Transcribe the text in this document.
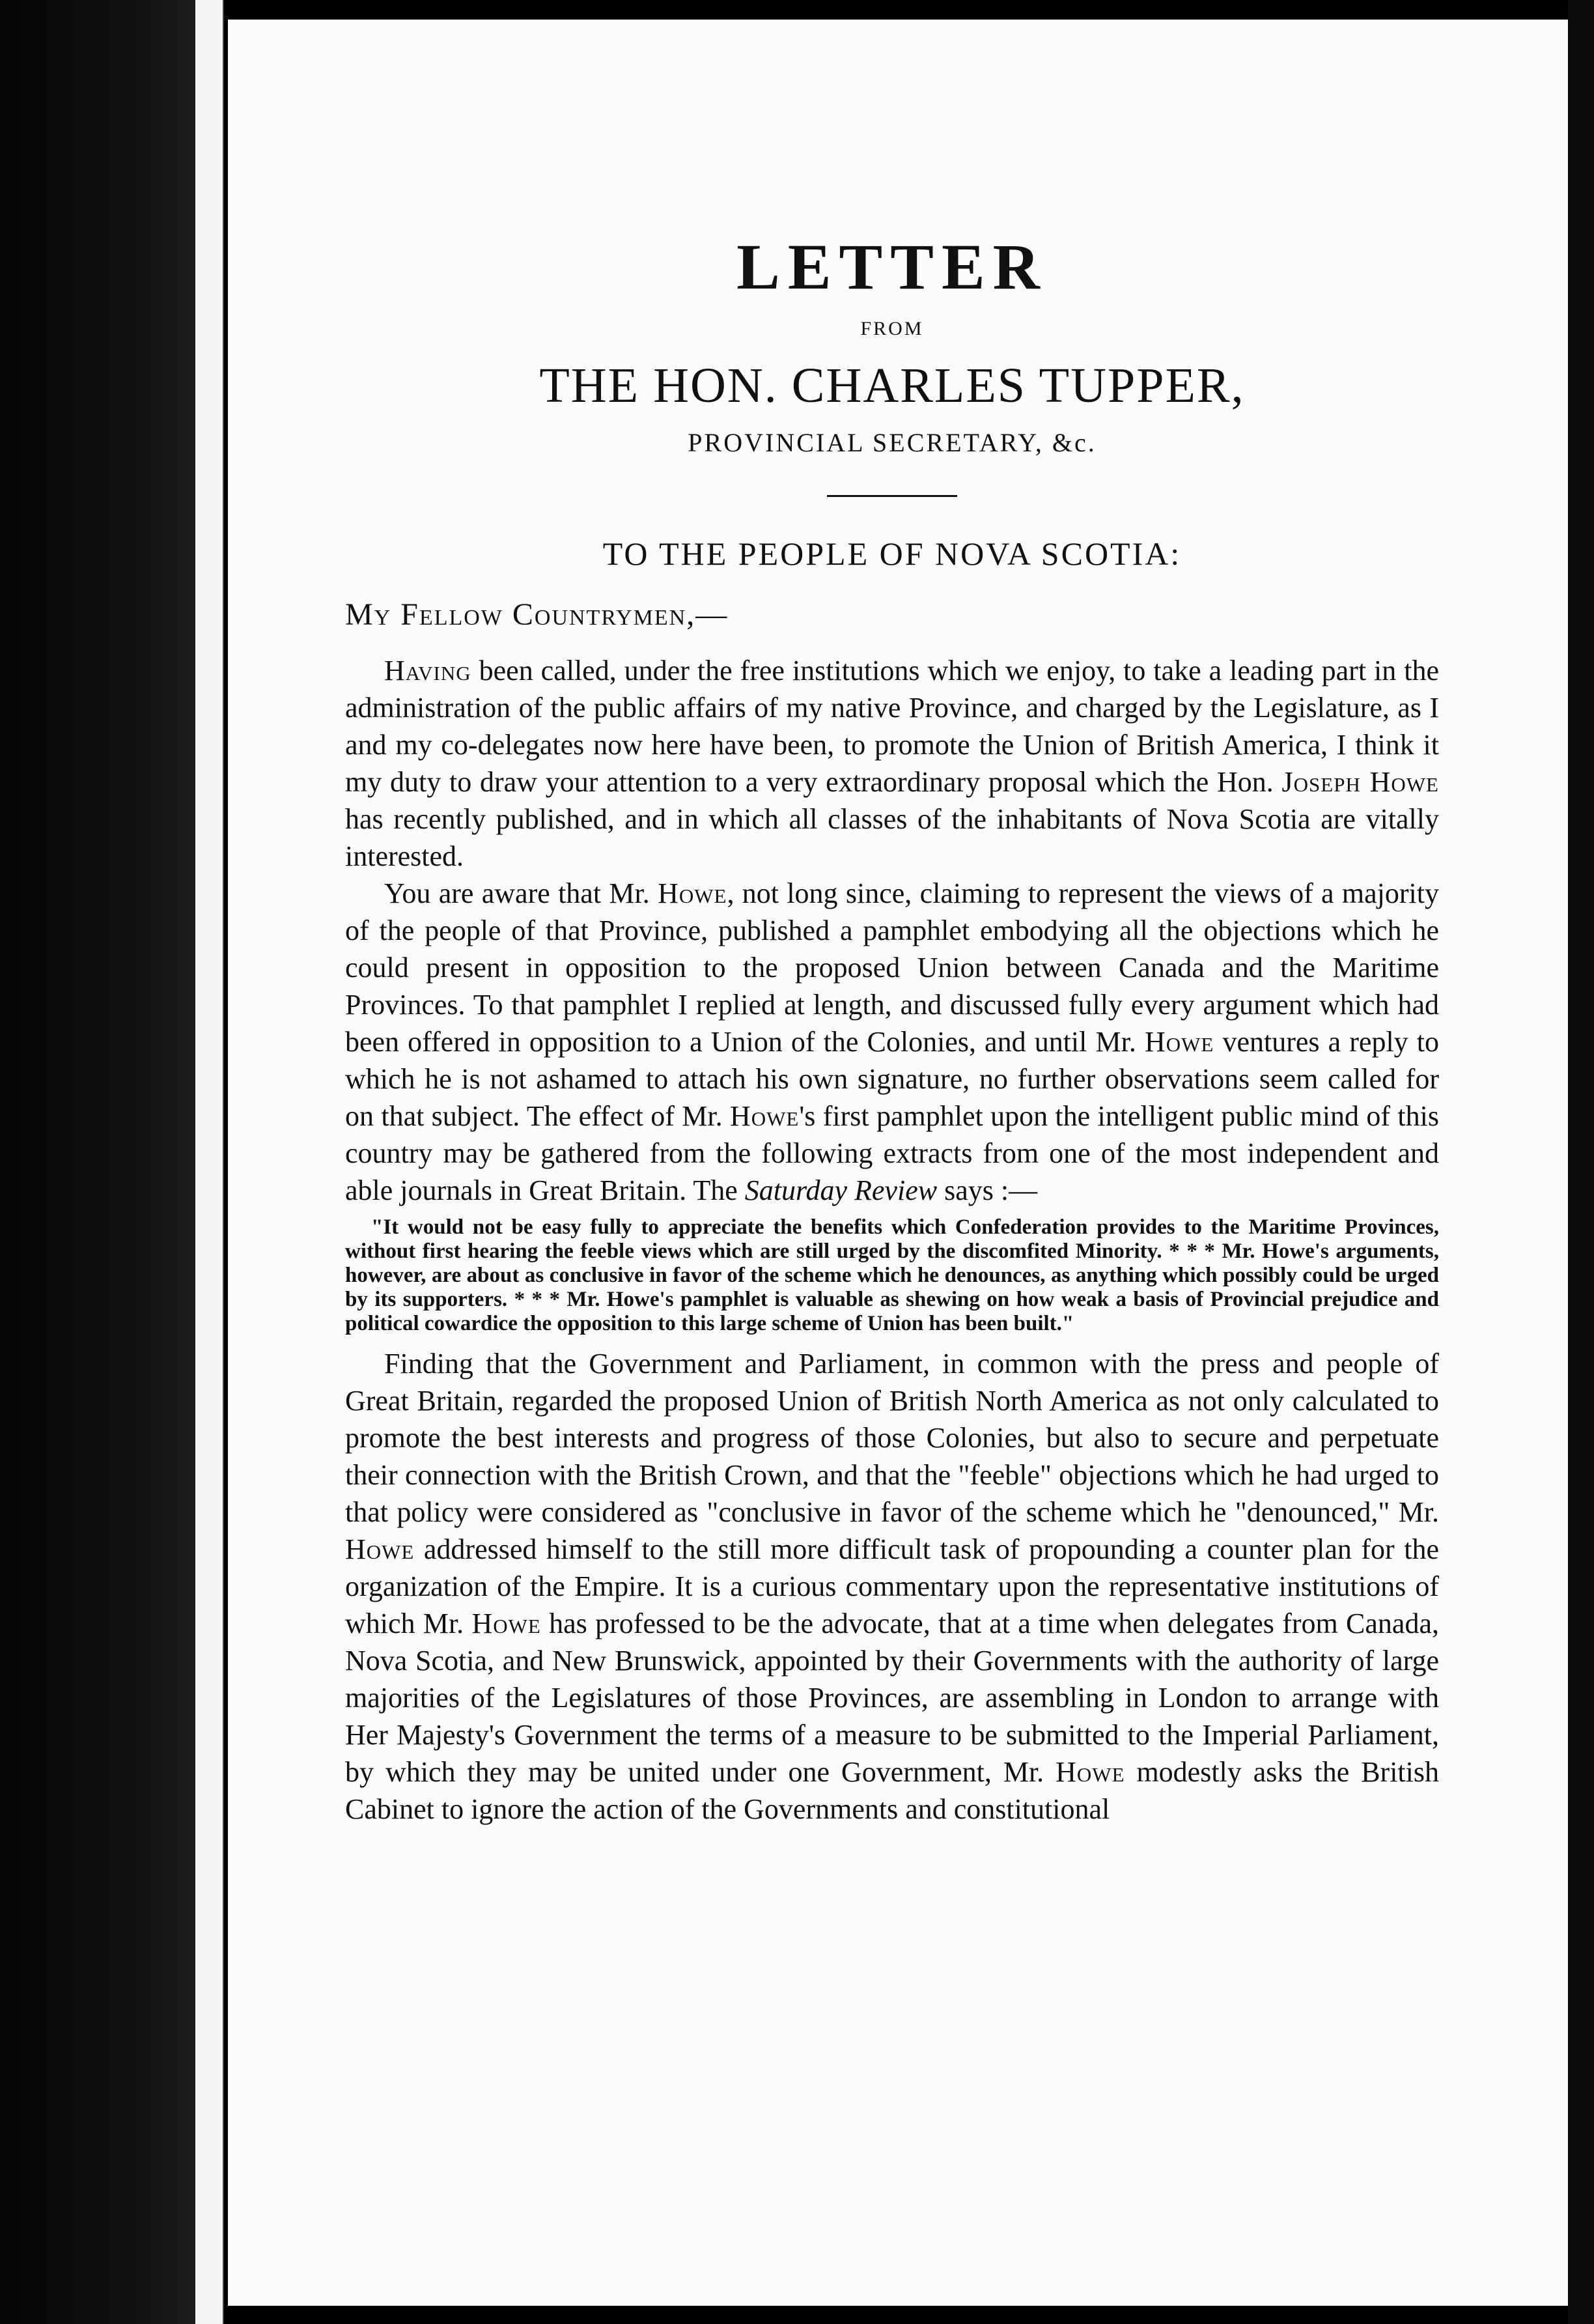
LETTER
FROM
THE HON. CHARLES TUPPER,
PROVINCIAL SECRETARY, &c.
TO THE PEOPLE OF NOVA SCOTIA:
My Fellow Countrymen,—

Having been called, under the free institutions which we enjoy, to take a leading part in the administration of the public affairs of my native Province, and charged by the Legislature, as I and my co-delegates now here have been, to promote the Union of British America, I think it my duty to draw your attention to a very extraordinary proposal which the Hon. Joseph Howe has recently published, and in which all classes of the inhabitants of Nova Scotia are vitally interested.

You are aware that Mr. Howe, not long since, claiming to represent the views of a majority of the people of that Province, published a pamphlet embodying all the objections which he could present in opposition to the proposed Union between Canada and the Maritime Provinces. To that pamphlet I replied at length, and discussed fully every argument which had been offered in opposition to a Union of the Colonies, and until Mr. Howe ventures a reply to which he is not ashamed to attach his own signature, no further observations seem called for on that subject. The effect of Mr. Howe's first pamphlet upon the intelligent public mind of this country may be gathered from the following extracts from one of the most independent and able journals in Great Britain. The Saturday Review says :—

"It would not be easy fully to appreciate the benefits which Confederation provides to the Maritime Provinces, without first hearing the feeble views which are still urged by the discomfited Minority. * * * Mr. Howe's arguments, however, are about as conclusive in favor of the scheme which he denounces, as anything which possibly could be urged by its supporters. * * * Mr. Howe's pamphlet is valuable as shewing on how weak a basis of Provincial prejudice and political cowardice the opposition to this large scheme of Union has been built."

Finding that the Government and Parliament, in common with the press and people of Great Britain, regarded the proposed Union of British North America as not only calculated to promote the best interests and progress of those Colonies, but also to secure and perpetuate their connection with the British Crown, and that the "feeble" objections which he had urged to that policy were considered as "conclusive in favor of the scheme which he "denounced," Mr. Howe addressed himself to the still more difficult task of propounding a counter plan for the organization of the Empire. It is a curious commentary upon the representative institutions of which Mr. Howe has professed to be the advocate, that at a time when delegates from Canada, Nova Scotia, and New Brunswick, appointed by their Governments with the authority of large majorities of the Legislatures of those Provinces, are assembling in London to arrange with Her Majesty's Government the terms of a measure to be submitted to the Imperial Parliament, by which they may be united under one Government, Mr. Howe modestly asks the British Cabinet to ignore the action of the Governments and constitutional
